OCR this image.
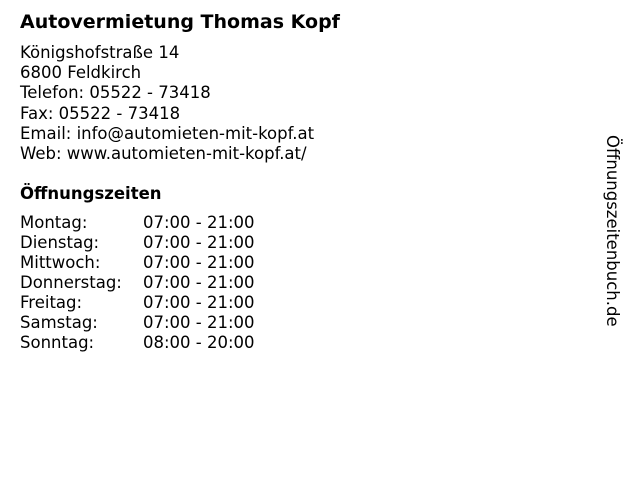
Autovermietung Thomas Kopf
Königshofstraße 14
6800 Feldkirch
Telefon: 05522 - 73418
Fax: 05522 - 73418
Email: info@automieten-mit-kopf.at
Web: www.automieten-mit-kopf.at/
Öffnungszeiten
Montag:	07:00 - 21:00
Dienstag:	07:00 - 21:00
Mittwoch:	07:00 - 21:00
Donnerstag: 07:00 - 21:00
Freitag:	07:00 - 21:00
Samstag:	07:00 - 21:00
Sonntag:	08:00 - 20:00
Öffnungszeitenbuch.de
